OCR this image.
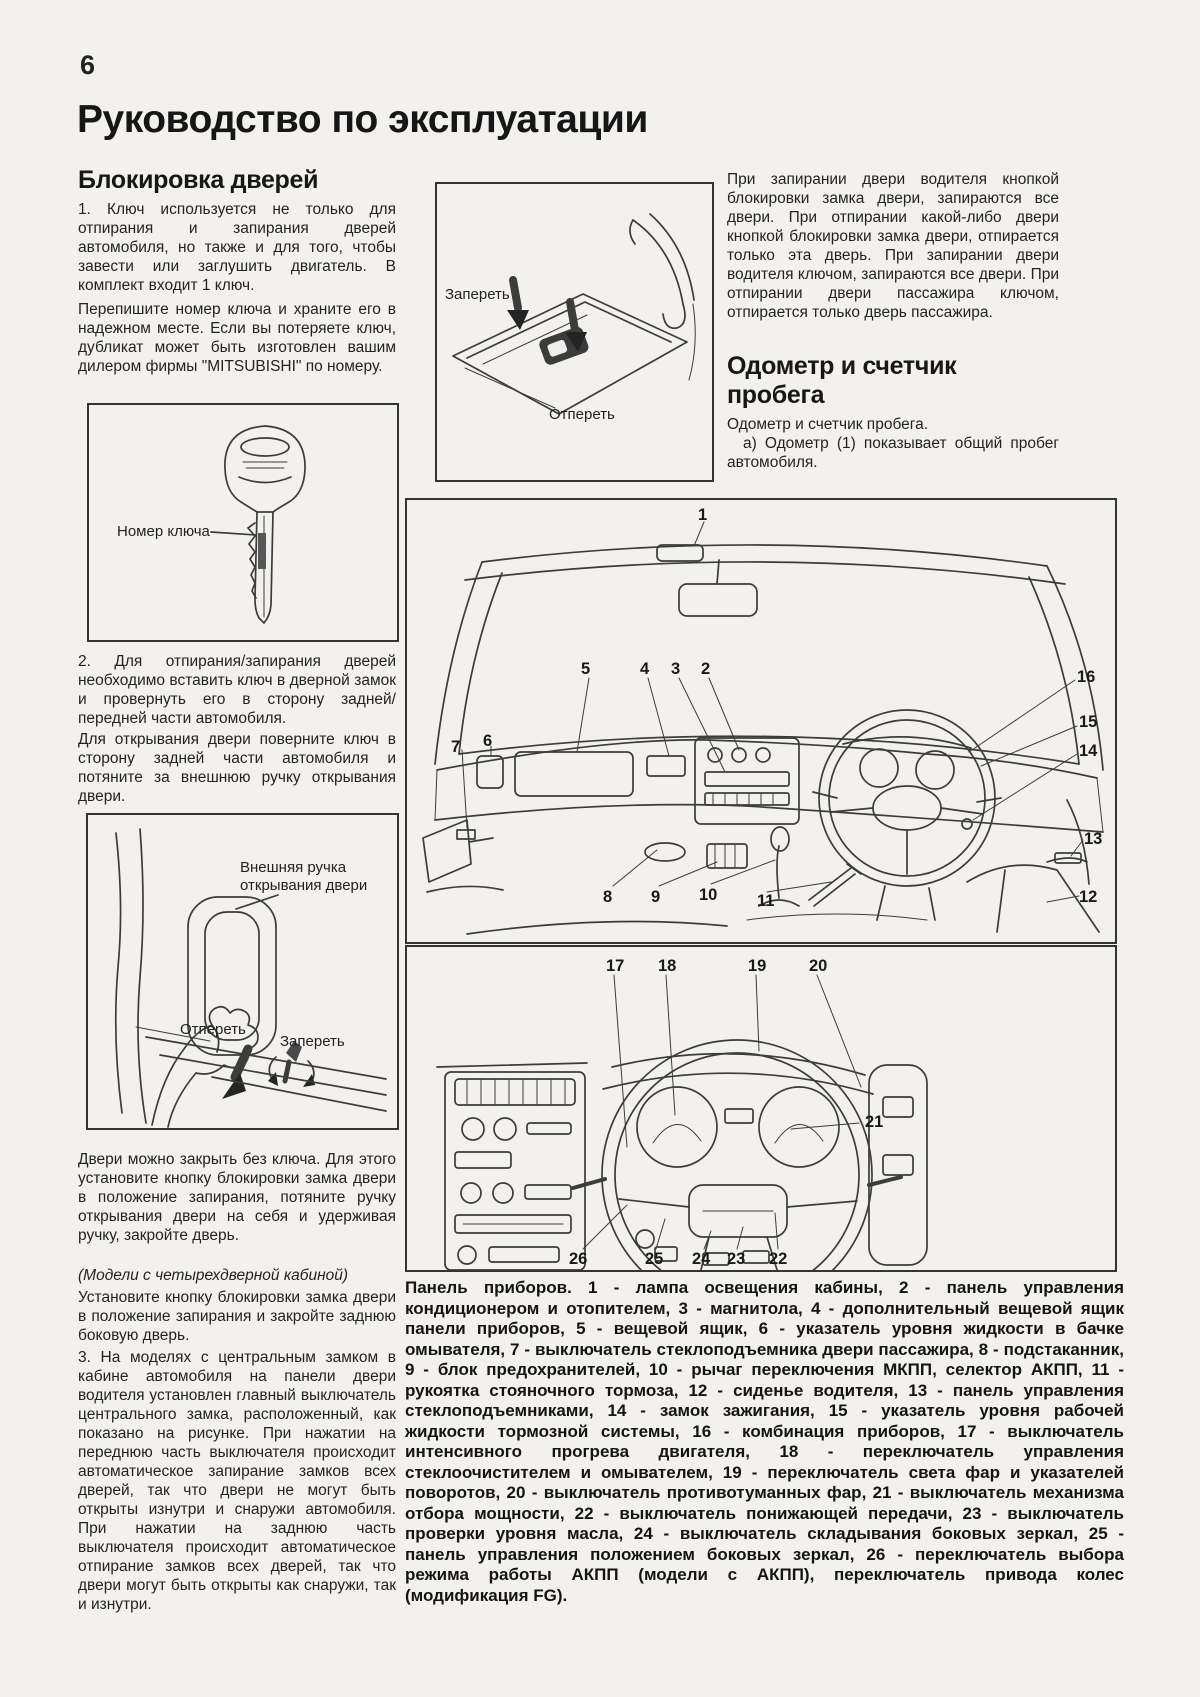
6
Руководство по эксплуатации
Блокировка дверей
1. Ключ используется не только для отпирания и запирания дверей автомобиля, но также и для того, чтобы завести или заглушить двигатель. В комплект входит 1 ключ.
Перепишите номер ключа и храните его в надежном месте. Если вы потеряете ключ, дубликат может быть изготовлен вашим дилером фирмы "MITSUBISHI" по номеру.
Номер ключа
2. Для отпирания/запирания дверей необходимо вставить ключ в дверной замок и провернуть его в сторону задней/передней части автомобиля.
Для открывания двери поверните ключ в сторону задней части автомобиля и потяните за внешнюю ручку открывания двери.
Внешняя ручка открывания двери
Отпереть
Запереть
Двери можно закрыть без ключа. Для этого установите кнопку блокировки замка двери в положение запирания, потяните ручку открывания двери на себя и удерживая ручку, закройте дверь.
(Модели с четырехдверной кабиной)
Установите кнопку блокировки замка двери в положение запирания и закройте заднюю боковую дверь.
3. На моделях с центральным замком в кабине автомобиля на панели двери водителя установлен главный выключатель центрального замка, расположенный, как показано на рисунке. При нажатии на переднюю часть выключателя происходит автоматическое запирание замков всех дверей, так что двери не могут быть открыты изнутри и снаружи автомобиля. При нажатии на заднюю часть выключателя происходит автоматическое отпирание замков всех дверей, так что двери могут быть открыты как снаружи, так и изнутри.
Запереть
Отпереть
При запирании двери водителя кнопкой блокировки замка двери, запираются все двери. При отпирании какой-либо двери кнопкой блокировки замка двери, отпирается только эта дверь. При запирании двери водителя ключом, запираются все двери. При отпирании двери пассажира ключом, отпирается только дверь пассажира.
Одометр и счетчик пробега
Одометр и счетчик пробега.
а) Одометр (1) показывает общий пробег автомобиля.
1
2
3
4
5
6
7
8 9 10 11	12
13
14
15
16
17 18	19	20
21
22
23
24
25
26
Панель приборов. 1 - лампа освещения кабины, 2 - панель управления кондиционером и отопителем, 3 - магнитола, 4 - дополнительный вещевой ящик панели приборов, 5 - вещевой ящик, 6 - указатель уровня жидкости в бачке омывателя, 7 - выключатель стеклоподъемника двери пассажира, 8 - подстаканник, 9 - блок предохранителей, 10 - рычаг переключения МКПП, селектор АКПП, 11 - рукоятка стояночного тормоза, 12 - сиденье водителя, 13 - панель управления стеклоподъемниками, 14 - замок зажигания, 15 - указатель уровня рабочей жидкости тормозной системы, 16 - комбинация приборов, 17 - выключатель интенсивного прогрева двигателя, 18 - переключатель управления стеклоочистителем и омывателем, 19 - переключатель света фар и указателей поворотов, 20 - выключатель противотуманных фар, 21 - выключатель механизма отбора мощности, 22 - выключатель понижающей передачи, 23 - выключатель проверки уровня масла, 24 - выключатель складывания боковых зеркал, 25 - панель управления положением боковых зеркал, 26 - переключатель выбора режима работы АКПП (модели с АКПП), переключатель привода колес (модификация FG).
